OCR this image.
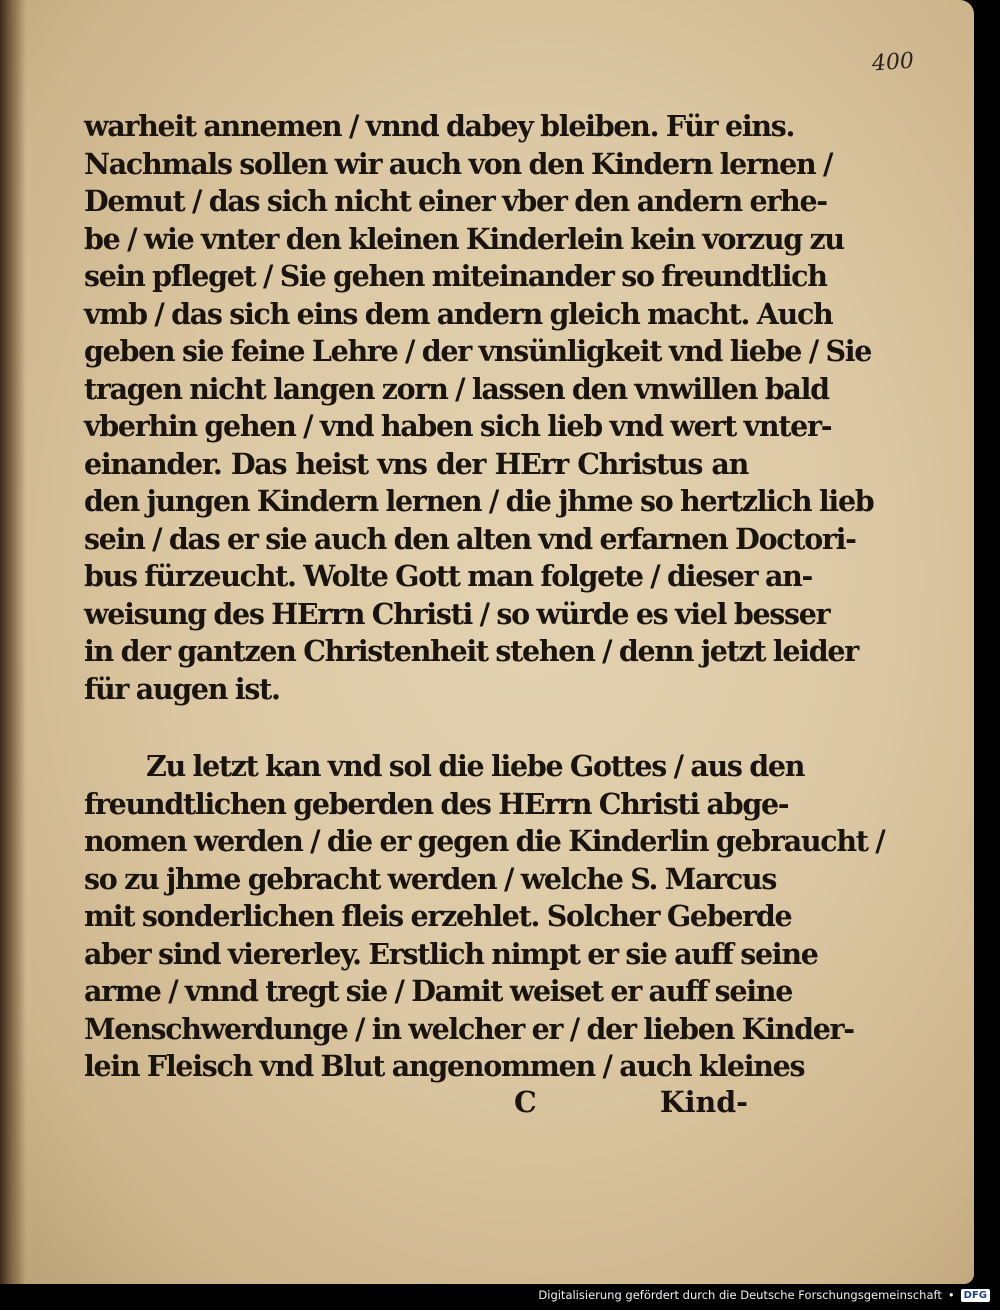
400
warheit annemen / vnnd dabey bleiben. Für eins.
Nachmals sollen wir auch von den Kindern lernen /
Demut / das sich nicht einer vber den andern erhe-
be / wie vnter den kleinen Kinderlein kein vorzug zu
sein pfleget / Sie gehen miteinander so freundtlich
vmb / das sich eins dem andern gleich macht. Auch
geben sie feine Lehre / der vnsünligkeit vnd liebe / Sie
tragen nicht langen zorn / lassen den vnwillen bald
vberhin gehen / vnd haben sich lieb vnd wert vnter-
einander. Das heist vns der HErr Christus an
den jungen Kindern lernen / die jhme so hertzlich lieb
sein / das er sie auch den alten vnd erfarnen Doctori-
bus fürzeucht. Wolte Gott man folgete / dieser an-
weisung des HErrn Christi / so würde es viel besser
in der gantzen Christenheit stehen / denn jetzt leider
für augen ist.
Zu letzt kan vnd sol die liebe Gottes / aus den
freundtlichen geberden des HErrn Christi abge-
nomen werden / die er gegen die Kinderlin gebraucht /
so zu jhme gebracht werden / welche S. Marcus
mit sonderlichen fleis erzehlet. Solcher Geberde
aber sind viererley. Erstlich nimpt er sie auff seine
arme / vnnd tregt sie / Damit weiset er auff seine
Menschwerdunge / in welcher er / der lieben Kinder-
lein Fleisch vnd Blut angenommen / auch kleines
C	Kind-
Digitalisierung gefördert durch die Deutsche Forschungsgemeinschaft • DFG
